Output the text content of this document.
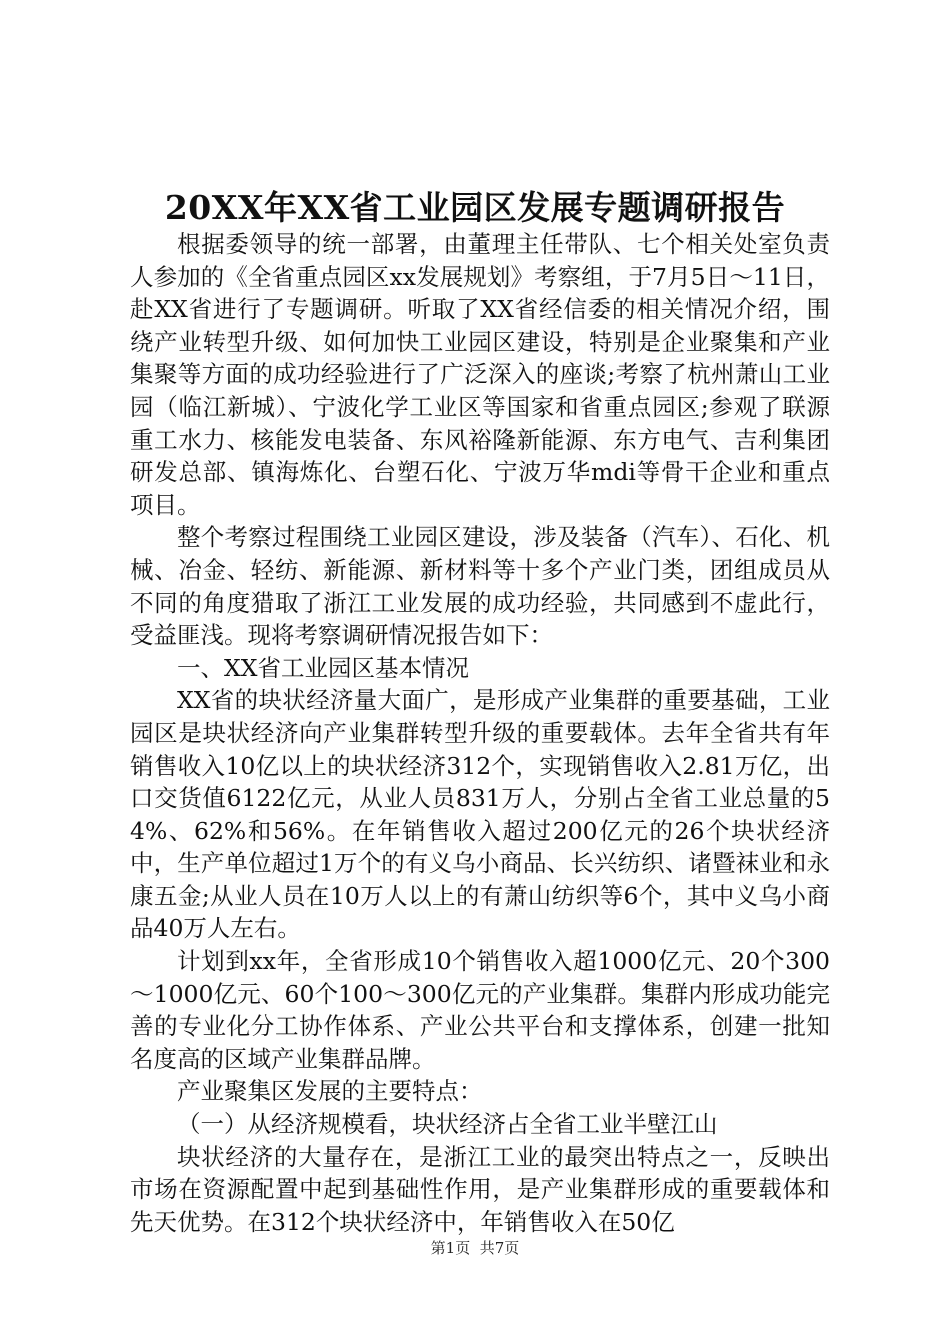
20XX年XX省工业园区发展专题调研报告

根据委领导的统一部署，由董理主任带队、七个相关处室负责人参加的《全省重点园区xx发展规划》考察组，于7月5日～11日，赴XX省进行了专题调研。听取了XX省经信委的相关情况介绍，围绕产业转型升级、如何加快工业园区建设，特别是企业聚集和产业集聚等方面的成功经验进行了广泛深入的座谈;考察了杭州萧山工业园（临江新城）、宁波化学工业区等国家和省重点园区;参观了联源重工水力、核能发电装备、东风裕隆新能源、东方电气、吉利集团研发总部、镇海炼化、台塑石化、宁波万华mdi等骨干企业和重点项目。

整个考察过程围绕工业园区建设，涉及装备（汽车）、石化、机械、冶金、轻纺、新能源、新材料等十多个产业门类，团组成员从不同的角度猎取了浙江工业发展的成功经验，共同感到不虚此行，受益匪浅。现将考察调研情况报告如下：

一、XX省工业园区基本情况

XX省的块状经济量大面广，是形成产业集群的重要基础，工业园区是块状经济向产业集群转型升级的重要载体。去年全省共有年销售收入10亿以上的块状经济312个，实现销售收入2.81万亿，出口交货值6122亿元，从业人员831万人，分别占全省工业总量的54%、62%和56%。在年销售收入超过200亿元的26个块状经济中，生产单位超过1万个的有义乌小商品、长兴纺织、诸暨袜业和永康五金;从业人员在10万人以上的有萧山纺织等6个，其中义乌小商品40万人左右。

计划到xx年，全省形成10个销售收入超1000亿元、20个300～1000亿元、60个100～300亿元的产业集群。集群内形成功能完善的专业化分工协作体系、产业公共平台和支撑体系，创建一批知名度高的区域产业集群品牌。

产业聚集区发展的主要特点：

（一）从经济规模看，块状经济占全省工业半壁江山

块状经济的大量存在，是浙江工业的最突出特点之一，反映出市场在资源配置中起到基础性作用，是产业集群形成的重要载体和先天优势。在312个块状经济中，年销售收入在50亿

第1页 共7页
